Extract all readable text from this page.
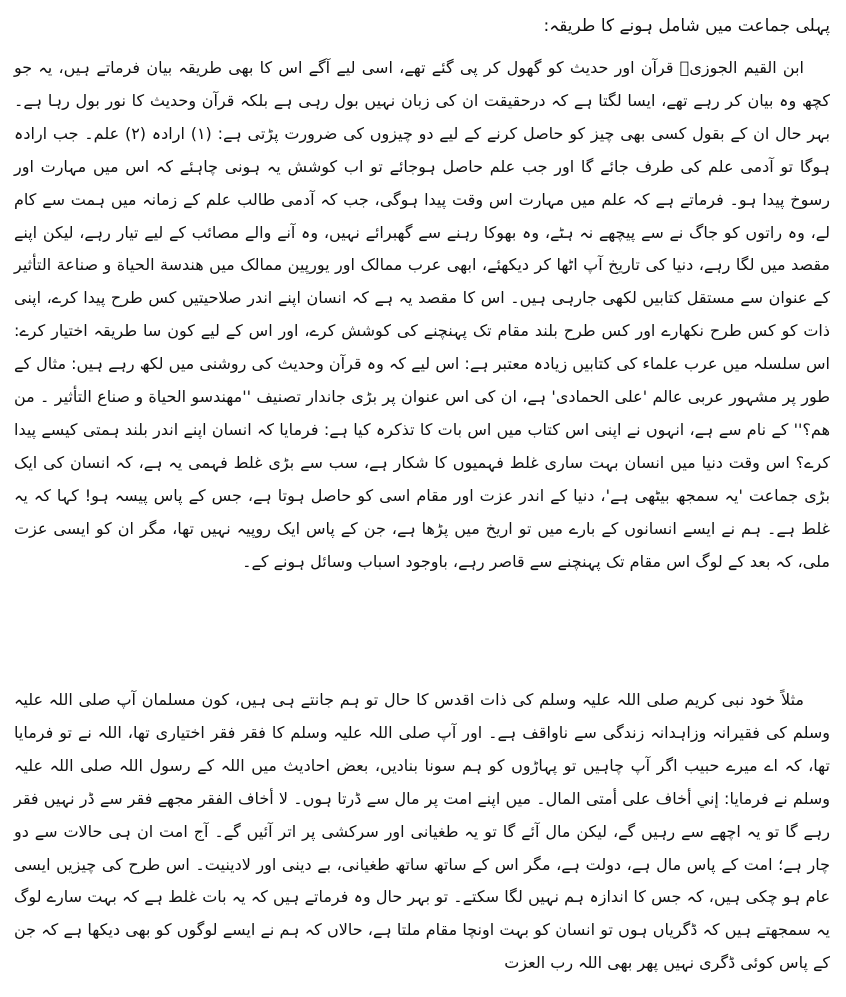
پہلی جماعت میں شامل ہونے کا طریقہ:

ابن القیم الجوزیؒ قرآن اور حدیث کو گھول کر پی گئے تھے، اسی لیے آگے اس کا بھی طریقہ بیان فرماتے ہیں، یہ جو کچھ وہ بیان کر رہے تھے، ایسا لگتا ہے کہ درحقیقت ان کی زبان نہیں بول رہی ہے بلکہ قرآن وحدیث کا نور بول رہا ہے۔ بہر حال ان کے بقول کسی بھی چیز کو حاصل کرنے کے لیے دو چیزوں کی ضرورت پڑتی ہے: (۱) ارادہ (۲) علم۔ جب ارادہ ہوگا تو آدمی علم کی طرف جائے گا اور جب علم حاصل ہوجائے تو اب کوشش یہ ہونی چاہئے کہ اس میں مہارت اور رسوخ پیدا ہو۔ فرماتے ہے کہ علم میں مہارت اس وقت پیدا ہوگی، جب کہ آدمی طالب علم کے زمانہ میں ہمت سے کام لے، وہ راتوں کو جاگ نے سے پیچھے نہ ہٹے، وہ بھوکا رہنے سے گھبرائے نہیں، وہ آنے والے مصائب کے لیے تیار رہے، لیکن اپنے مقصد میں لگا رہے، دنیا کی تاریخ آپ اٹھا کر دیکھئے، ابھی عرب ممالک اور یورپین ممالک میں ھندسة الحیاة و صناعة التأثیر کے عنوان سے مستقل کتابیں لکھی جارہی ہیں۔ اس کا مقصد یہ ہے کہ انسان اپنے اندر صلاحیتیں کس طرح پیدا کرے، اپنی ذات کو کس طرح نکھارے اور کس طرح بلند مقام تک پہنچنے کی کوشش کرے، اور اس کے لیے کون سا طریقہ اختیار کرے: اس سلسلہ میں عرب علماء کی کتابیں زیادہ معتبر ہے: اس لیے کہ وہ قرآن وحدیث کی روشنی میں لکھ رہے ہیں: مثال کے طور پر مشہور عربی عالم 'علی الحمادی' ہے، ان کی اس عنوان پر بڑی جاندار تصنیف ''مھندسو الحیاة و صناع التأثیر ۔ من ھم؟'' کے نام سے ہے، انہوں نے اپنی اس کتاب میں اس بات کا تذکرہ کیا ہے: فرمایا کہ انسان اپنے اندر بلند ہمتی کیسے پیدا کرے؟ اس وقت دنیا میں انسان بہت ساری غلط فہمیوں کا شکار ہے، سب سے بڑی غلط فہمی یہ ہے، کہ انسان کی ایک بڑی جماعت 'یہ سمجھ بیٹھی ہے'، دنیا کے اندر عزت اور مقام اسی کو حاصل ہوتا ہے، جس کے پاس پیسہ ہو! کہا کہ یہ غلط ہے۔ ہم نے ایسے انسانوں کے بارے میں تو اریخ میں پڑھا ہے، جن کے پاس ایک روپیہ نہیں تھا، مگر ان کو ایسی عزت ملی، کہ بعد کے لوگ اس مقام تک پہنچنے سے قاصر رہے، باوجود اسباب وسائل ہونے کے۔

مثلاً خود نبی کریم صلی اللہ علیہ وسلم کی ذات اقدس کا حال تو ہم جانتے ہی ہیں، کون مسلمان آپ صلی اللہ علیہ وسلم کی فقیرانہ وزاہدانہ زندگی سے ناواقف ہے۔ اور آپ صلی اللہ علیہ وسلم کا فقر فقر اختیاری تھا، اللہ نے تو فرمایا تھا، کہ اے میرے حبیب اگر آپ چاہیں تو پہاڑوں کو ہم سونا بنادیں، بعض احادیث میں اللہ کے رسول اللہ صلی اللہ علیہ وسلم نے فرمایا: إني أخاف علی أمتی المال۔ میں اپنے امت پر مال سے ڈرتا ہوں۔ لا أخاف الفقر مجھے فقر سے ڈر نہیں فقر رہے گا تو یہ اچھے سے رہیں گے، لیکن مال آئے گا تو یہ طغیانی اور سرکشی پر اتر آئیں گے۔ آج امت ان ہی حالات سے دو چار ہے؛ امت کے پاس مال ہے، دولت ہے، مگر اس کے ساتھ ساتھ طغیانی، بے دینی اور لادینیت۔ اس طرح کی چیزیں ایسی عام ہو چکی ہیں، کہ جس کا اندازہ ہم نہیں لگا سکتے۔ تو بہر حال وہ فرماتے ہیں کہ یہ بات غلط ہے کہ بہت سارے لوگ یہ سمجھتے ہیں کہ ڈگریاں ہوں تو انسان کو بہت اونچا مقام ملتا ہے، حالاں کہ ہم نے ایسے لوگوں کو بھی دیکھا ہے کہ جن کے پاس کوئی ڈگری نہیں پھر بھی اللہ رب العزت
